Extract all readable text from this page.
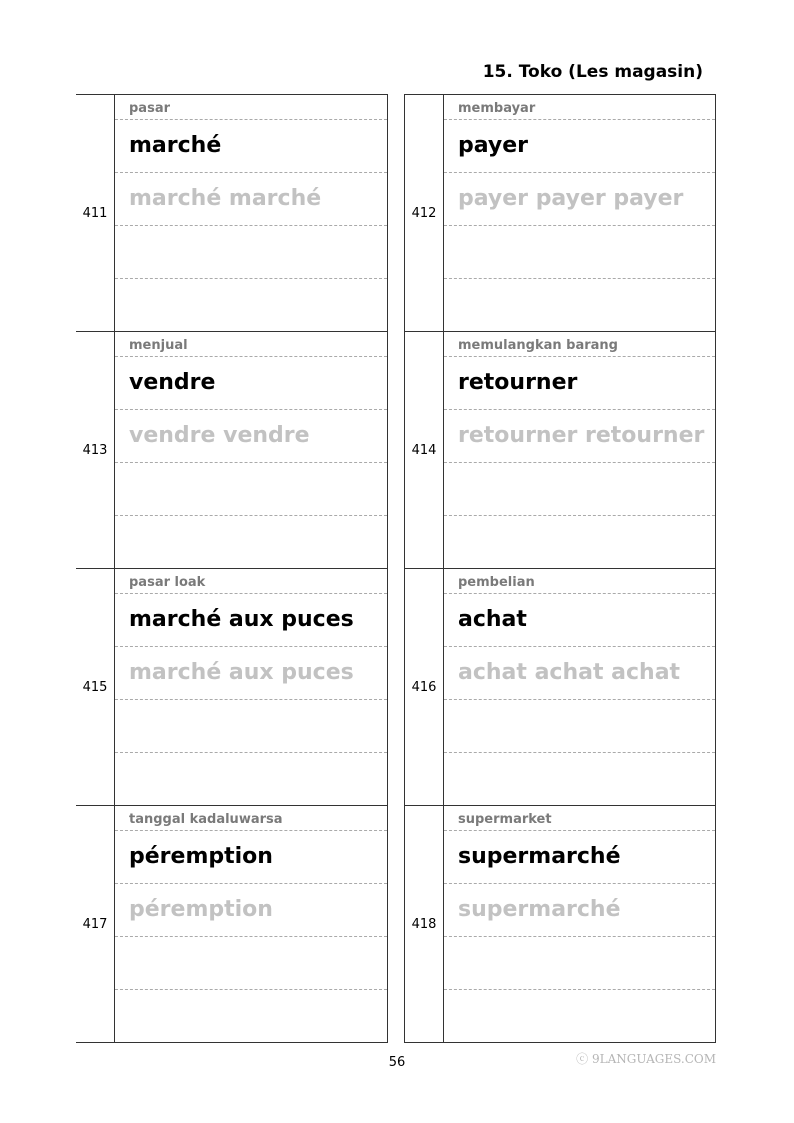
15. Toko (Les magasin)
411
pasar
marché
marché marché
413
menjual
vendre
vendre vendre
415
pasar loak
marché aux puces
marché aux puces
417
tanggal kadaluwarsa
péremption
péremption
412
membayar
payer
payer payer payer
414
memulangkan barang
retourner
retourner retourner
416
pembelian
achat
achat achat achat
418
supermarket
supermarché
supermarché
56	ⓒ 9LANGUAGES.COM
